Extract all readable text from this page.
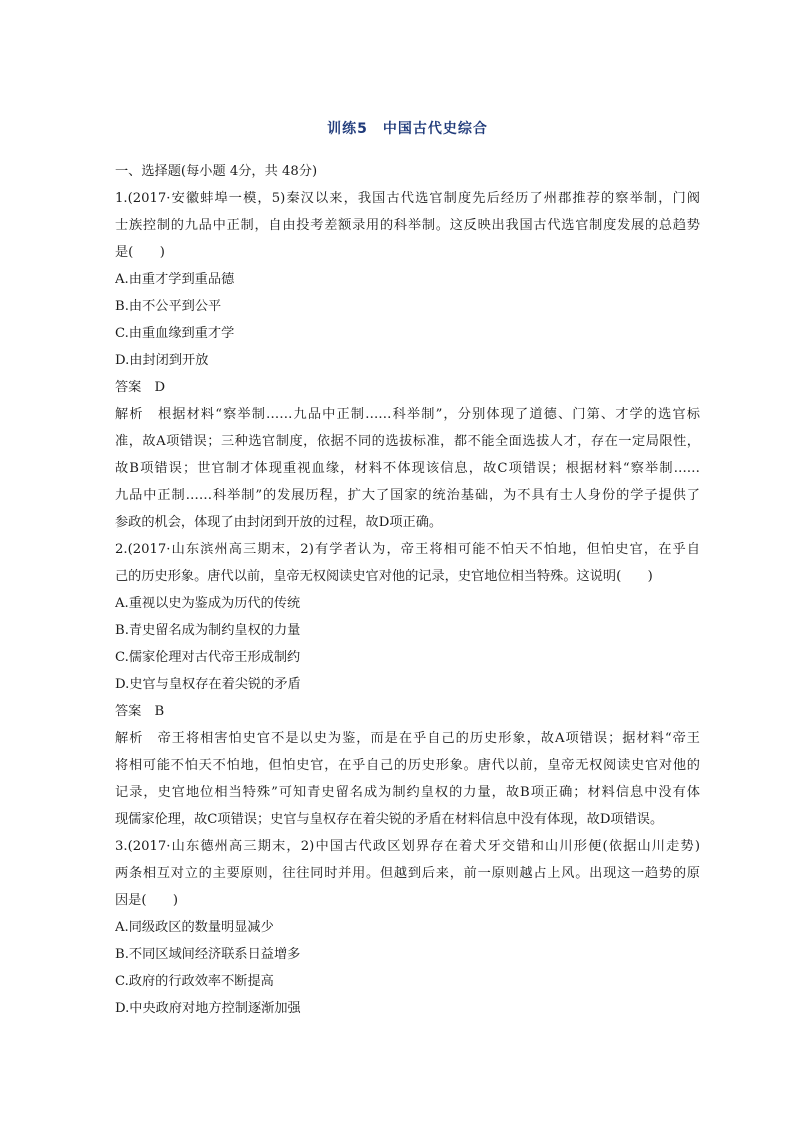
训练5　中国古代史综合
一、选择题(每小题 4分，共 48分)
1.(2017·安徽蚌埠一模，5)秦汉以来，我国古代选官制度先后经历了州郡推荐的察举制，门阀
士族控制的九品中正制，自由投考差额录用的科举制。这反映出我国古代选官制度发展的总趋势
是(　　)
A.由重才学到重品德
B.由不公平到公平
C.由重血缘到重才学
D.由封闭到开放
答案　D
解析　根据材料“察举制……九品中正制……科举制”，分别体现了道德、门第、才学的选官标
准，故A项错误；三种选官制度，依据不同的选拔标准，都不能全面选拔人才，存在一定局限性，
故B项错误；世官制才体现重视血缘，材料不体现该信息，故C项错误；根据材料“察举制……
九品中正制……科举制”的发展历程，扩大了国家的统治基础，为不具有士人身份的学子提供了
参政的机会，体现了由封闭到开放的过程，故D项正确。
2.(2017·山东滨州高三期末，2)有学者认为，帝王将相可能不怕天不怕地，但怕史官，在乎自
己的历史形象。唐代以前，皇帝无权阅读史官对他的记录，史官地位相当特殊。这说明(　　)
A.重视以史为鉴成为历代的传统
B.青史留名成为制约皇权的力量
C.儒家伦理对古代帝王形成制约
D.史官与皇权存在着尖锐的矛盾
答案　B
解析　帝王将相害怕史官不是以史为鉴，而是在乎自己的历史形象，故A项错误；据材料“帝王
将相可能不怕天不怕地，但怕史官，在乎自己的历史形象。唐代以前，皇帝无权阅读史官对他的
记录，史官地位相当特殊”可知青史留名成为制约皇权的力量，故B项正确；材料信息中没有体
现儒家伦理，故C项错误；史官与皇权存在着尖锐的矛盾在材料信息中没有体现，故D项错误。
3.(2017·山东德州高三期末，2)中国古代政区划界存在着犬牙交错和山川形便(依据山川走势)
两条相互对立的主要原则，往往同时并用。但越到后来，前一原则越占上风。出现这一趋势的原
因是(　　)
A.同级政区的数量明显减少
B.不同区域间经济联系日益增多
C.政府的行政效率不断提高
D.中央政府对地方控制逐渐加强
